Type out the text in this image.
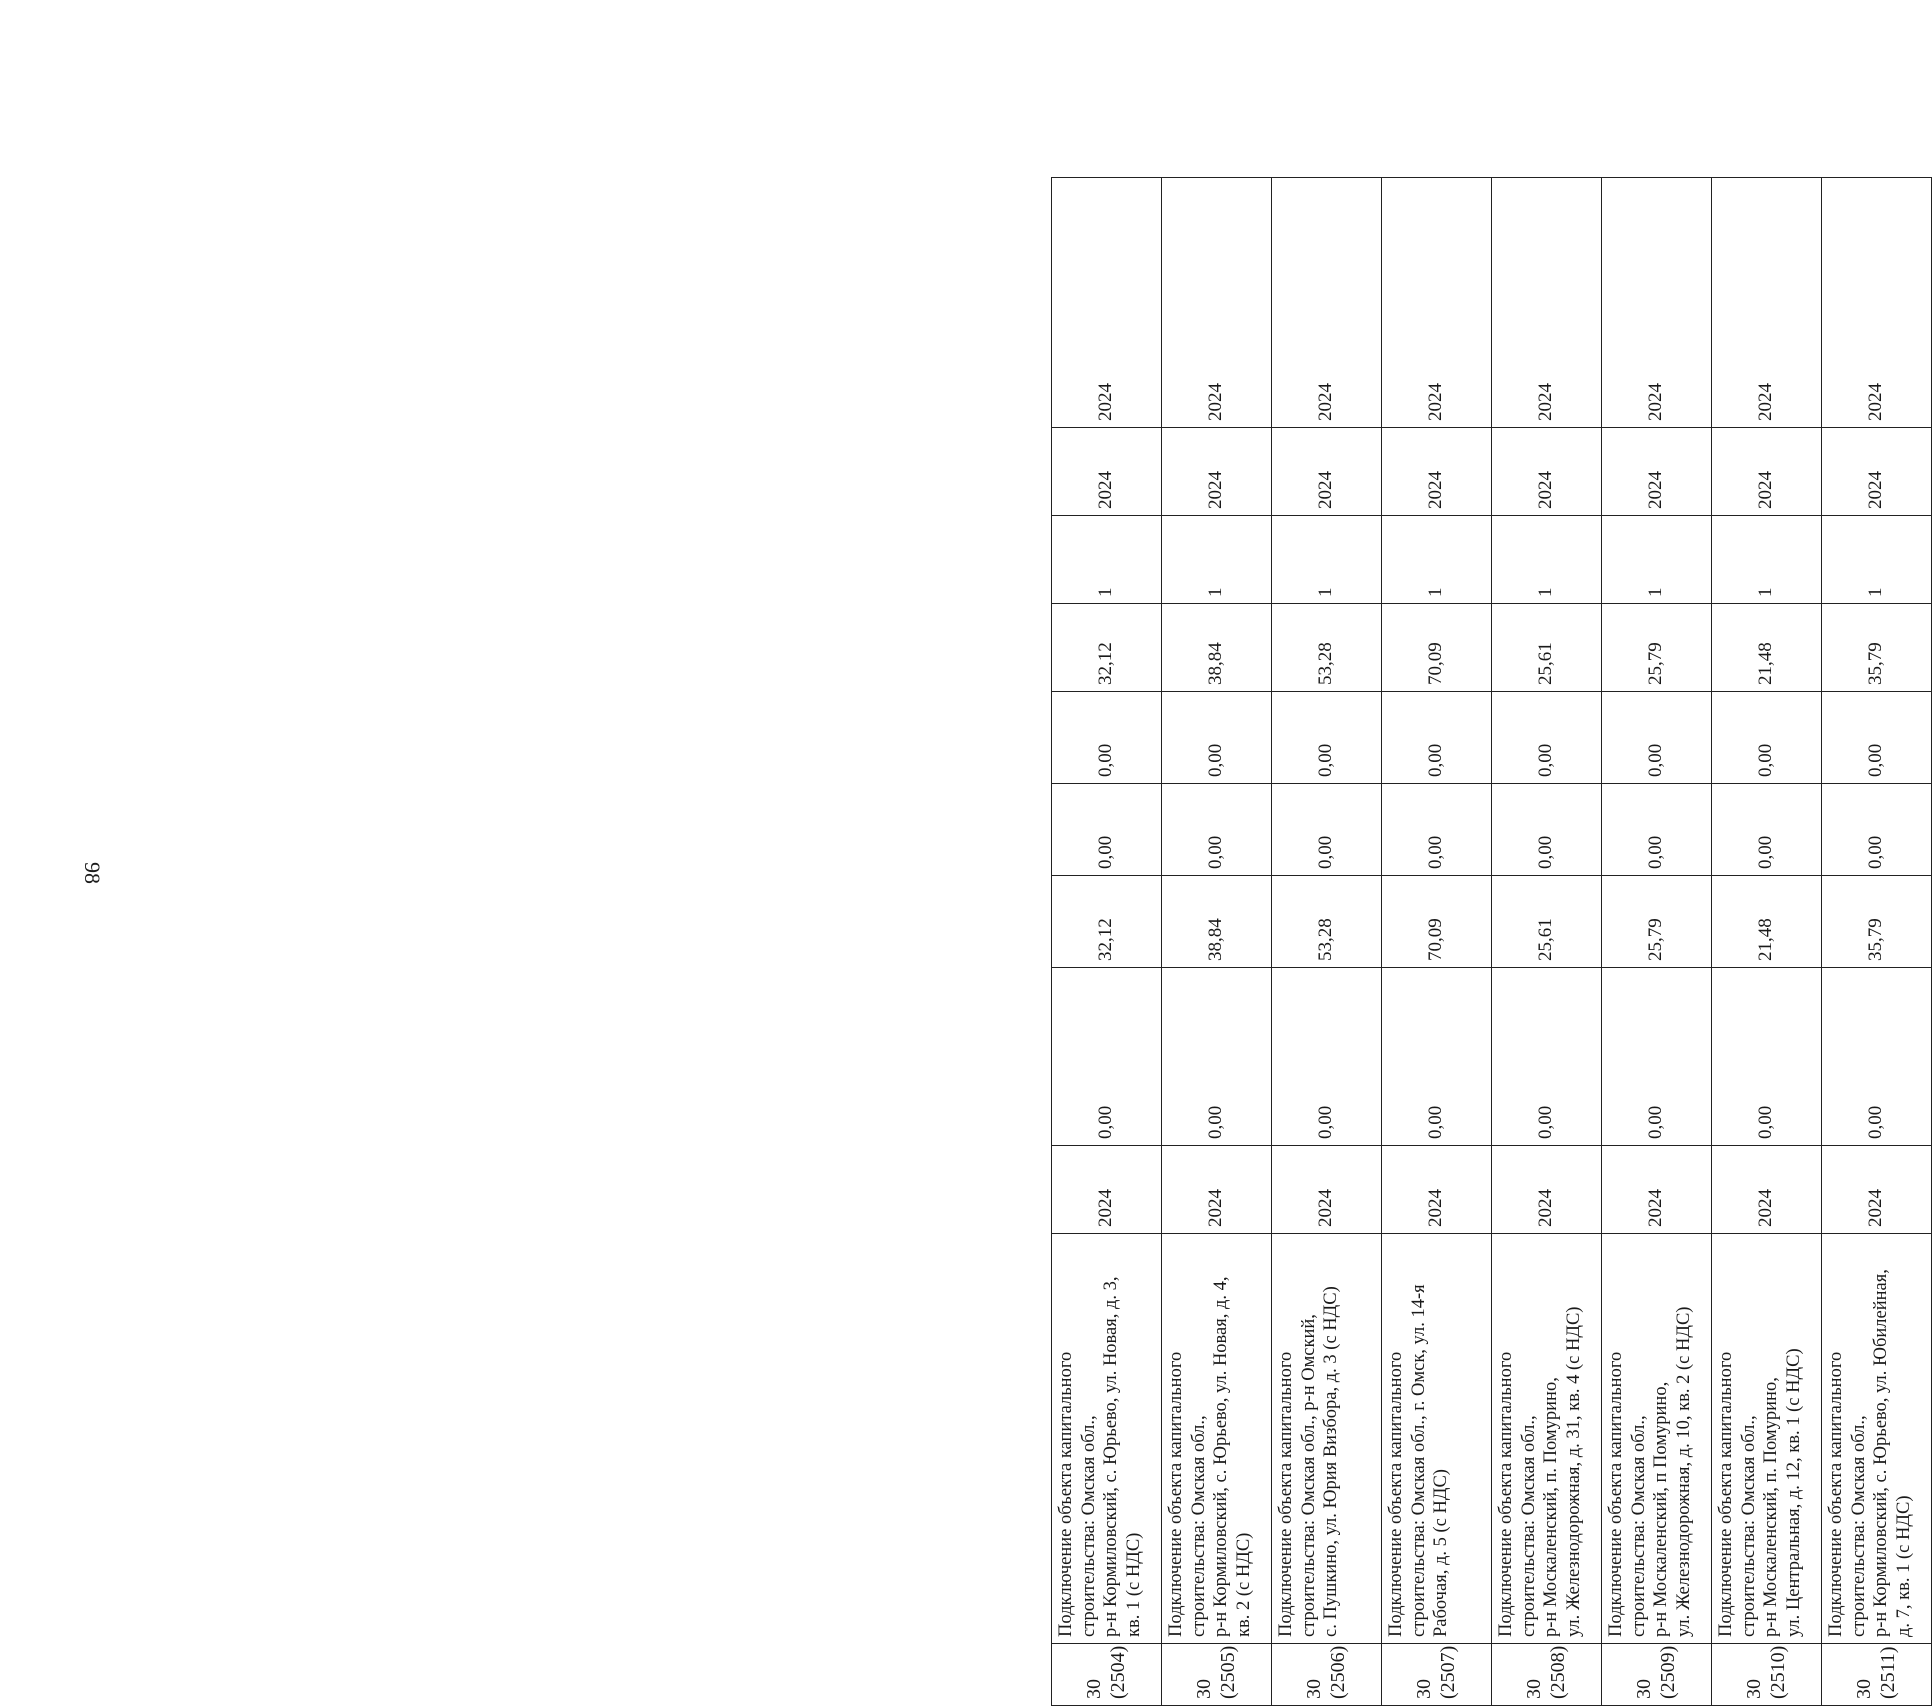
98
30 (2504)	Подключение объекта капитального строительства: Омская обл., р-н Кормиловский, с. Юрьево, ул. Новая, д. 3, кв. 1 (с НДС)	2024	0,00	32,12	0,00	0,00	32,12	1	2024	2024

30 (2505)	Подключение объекта капитального строительства: Омская обл., р-н Кормиловский, с. Юрьево, ул. Новая, д. 4, кв. 2 (с НДС)	2024	0,00	38,84	0,00	0,00	38,84	1	2024	2024

30 (2506)	Подключение объекта капитального строительства: Омская обл., р-н Омский, с. Пушкино, ул. Юрия Визбора, д. 3 (с НДС)	2024	0,00	53,28	0,00	0,00	53,28	1	2024	2024

30 (2507)	Подключение объекта капитального строительства: Омская обл., г. Омск, ул. 14-я Рабочая, д. 5 (с НДС)	2024	0,00	70,09	0,00	0,00	70,09	1	2024	2024

30 (2508)	Подключение объекта капитального строительства: Омская обл., р-н Москаленский, п. Помурино, ул. Железнодорожная, д. 31, кв. 4 (с НДС)	2024	0,00	25,61	0,00	0,00	25,61	1	2024	2024

30 (2509)	Подключение объекта капитального строительства: Омская обл., р-н Москаленский, п Помурино, ул. Железнодорожная, д. 10, кв. 2 (с НДС)	2024	0,00	25,79	0,00	0,00	25,79	1	2024	2024

30 (2510)	Подключение объекта капитального строительства: Омская обл., р-н Москаленский, п. Помурино, ул. Центральная, д. 12, кв. 1 (с НДС)	2024	0,00	21,48	0,00	0,00	21,48	1	2024	2024

30 (2511)	Подключение объекта капитального строительства: Омская обл., р-н Кормиловский, с. Юрьево, ул. Юбилейная, д. 7, кв. 1 (с НДС)	2024	0,00	35,79	0,00	0,00	35,79	1	2024	2024
